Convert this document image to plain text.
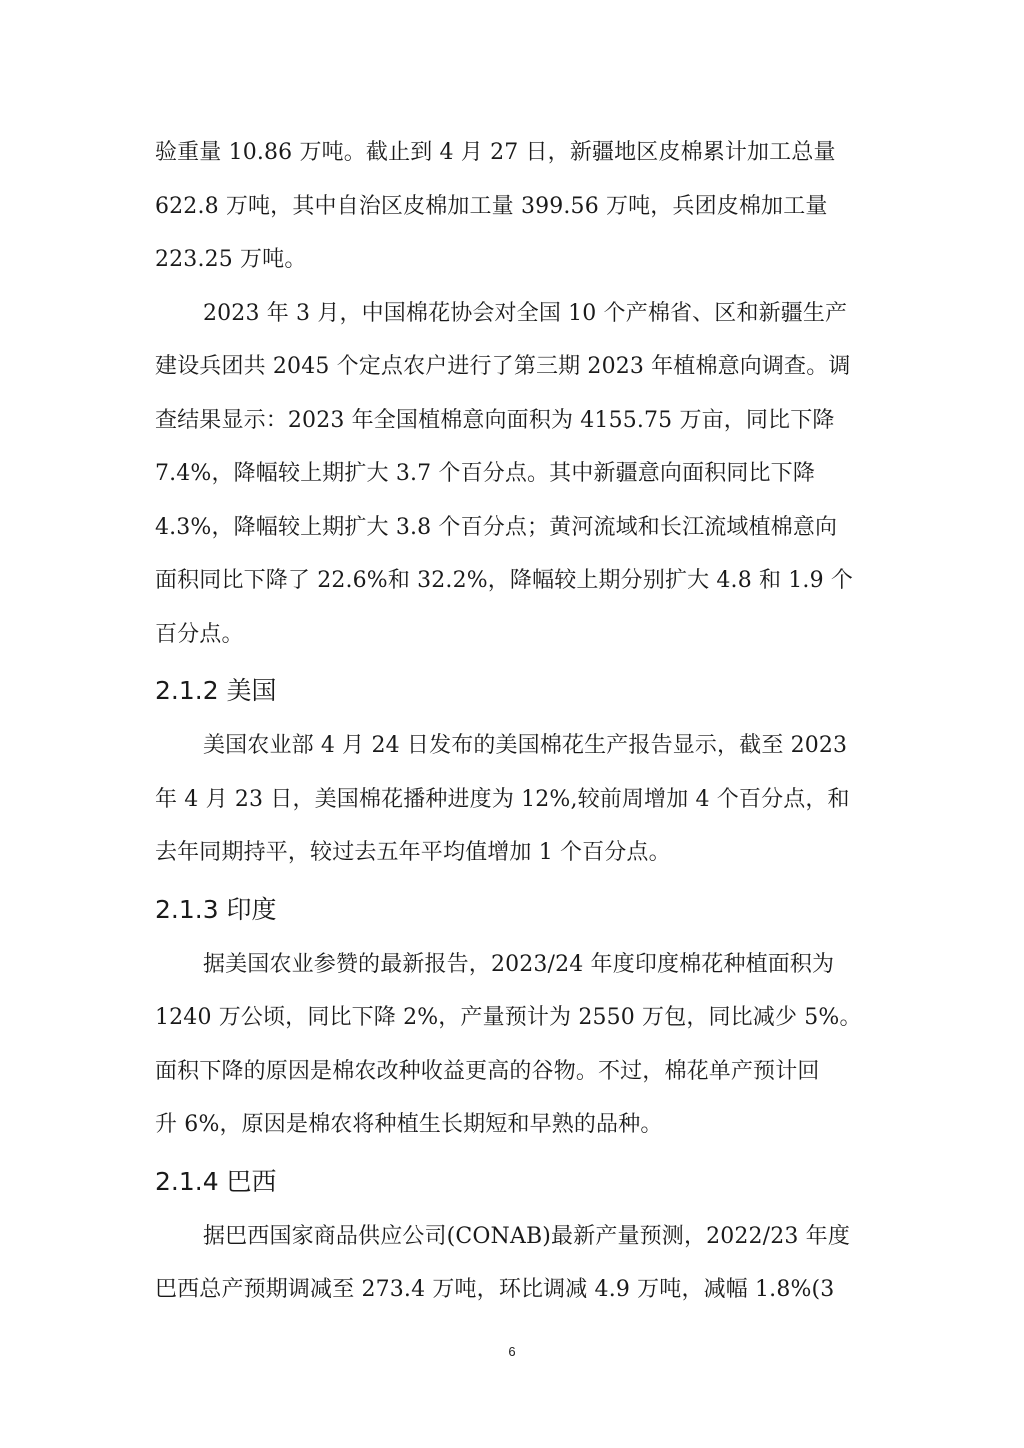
验重量 10.86 万吨。截止到 4 月 27 日，新疆地区皮棉累计加工总量
622.8 万吨，其中自治区皮棉加工量 399.56 万吨，兵团皮棉加工量
223.25 万吨。
2023 年 3 月，中国棉花协会对全国 10 个产棉省、区和新疆生产
建设兵团共 2045 个定点农户进行了第三期 2023 年植棉意向调查。调
查结果显示：2023 年全国植棉意向面积为 4155.75 万亩，同比下降
7.4%，降幅较上期扩大 3.7 个百分点。其中新疆意向面积同比下降
4.3%，降幅较上期扩大 3.8 个百分点；黄河流域和长江流域植棉意向
面积同比下降了 22.6%和 32.2%，降幅较上期分别扩大 4.8 和 1.9 个
百分点。
2.1.2 美国
美国农业部 4 月 24 日发布的美国棉花生产报告显示，截至 2023
年 4 月 23 日，美国棉花播种进度为 12%,较前周增加 4 个百分点，和
去年同期持平，较过去五年平均值增加 1 个百分点。
2.1.3 印度
据美国农业参赞的最新报告，2023/24 年度印度棉花种植面积为
1240 万公顷，同比下降 2%，产量预计为 2550 万包，同比减少 5%。
面积下降的原因是棉农改种收益更高的谷物。不过，棉花单产预计回
升 6%，原因是棉农将种植生长期短和早熟的品种。
2.1.4 巴西
据巴西国家商品供应公司(CONAB)最新产量预测，2022/23 年度
巴西总产预期调减至 273.4 万吨，环比调减 4.9 万吨，减幅 1.8%(3
6
